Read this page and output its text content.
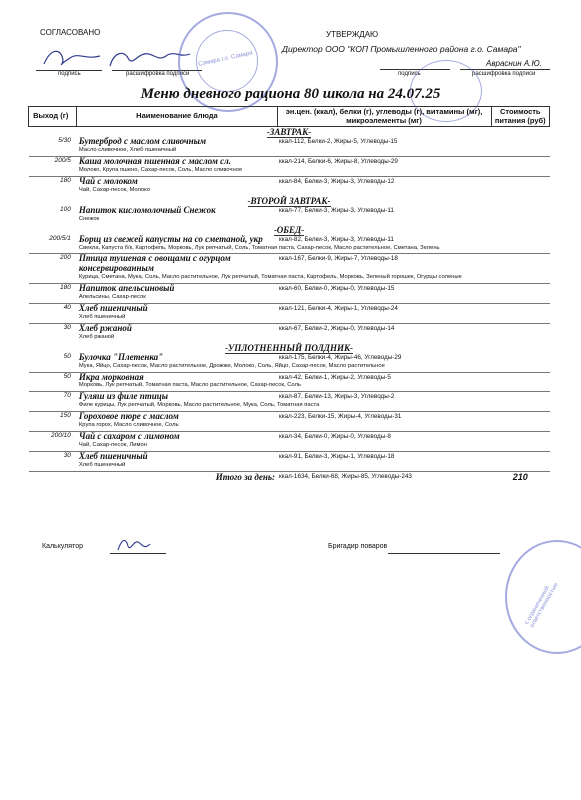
СОГЛАСОВАНО
подпись	расшифровка подписи
УТВЕРЖДАЮ
Директор ООО "КОП Промышленного района г.о. Самара"
Авраснин А.Ю.
подпись	расшифровка подписи
Самара г.о. Самара
с ограниченной ответственностью
Меню дневного рациона 80 школа на 24.07.25
Выход (г)	Наименование блюда	эн.цен. (ккал), белки (г), углеводы (г), витамины (мг), микроэлементы (мг)	Стоимость питания (руб)
-ЗАВТРАК-			
5/30	Бутерброд с маслом сливочным	ккал-112, Белки-2, Жиры-5, Углеводы-15	
	Масло сливочное, Хлеб пшеничный		
200/5	Каша молочная пшенная с маслом сл.	ккал-214, Белки-6, Жиры-8, Углеводы-29	
	Молоко, Крупа пшено, Сахар-песок, Соль, Масло сливочное		
180	Чай с молоком	ккал-84, Белки-3, Жиры-3, Углеводы-12	
	Чай, Сахар-песок, Молоко		
-ВТОРОЙ ЗАВТРАК-			
100	Напиток кисломолочный Снежок	ккал-77, Белки-3, Жиры-3, Углеводы-11	
	Снежок		
-ОБЕД-			
200/5/1	Борщ из свежей капусты на со сметаной, укр	ккал-82, Белки-3, Жиры-3, Углеводы-11	
	Свекла, Капуста б/к, Картофель, Морковь, Лук репчатый, Соль, Томатная паста, Сахар-песок, Масло растительное, Сметана, Зелень		
200	Птица тушеная с овощами с огурцом консервированным	ккал-167, Белки-9, Жиры-7, Углеводы-18	
	Курица, Сметана, Мука, Соль, Масло растительное, Лук репчатый, Томатная паста, Картофель, Морковь, Зеленый горошек, Огурцы соленые		
180	Напиток апельсиновый	ккал-60, Белки-0, Жиры-0, Углеводы-15	
	Апельсины, Сахар-песок		
40	Хлеб пшеничный	ккал-121, Белки-4, Жиры-1, Углеводы-24	
	Хлеб пшеничный		
30	Хлеб ржаной	ккал-67, Белки-2, Жиры-0, Углеводы-14	
	Хлеб ржаной		
-УПЛОТНЕННЫЙ ПОЛДНИК-			
50	Булочка "Плетенка"	ккал-175, Белки-4, Жиры-46, Углеводы-29	
	Мука, Яйцо, Сахар-песок, Масло растительное, Дрожжи, Молоко, Соль, Яйцо, Сахар-песок, Масло растительное		
50	Икра морковная	ккал-42, Белки-1, Жиры-2, Углеводы-5	
	Морковь, Лук репчатый, Томатная паста, Масло растительное, Сахар-песок, Соль		
70	Гуляш из филе птицы	ккал-87, Белки-13, Жиры-3, Углеводы-2	
	Филе курицы, Лук репчатый, Морковь, Масло растительное, Мука, Соль, Томатная паста		
150	Гороховое пюре с маслом	ккал-223, Белки-15, Жиры-4, Углеводы-31	
	Крупа горох, Масло сливочное, Соль		
200/10	Чай с сахаром с лимоном	ккал-34, Белки-0, Жиры-0, Углеводы-8	
	Чай, Сахар-песок, Лимон		
30	Хлеб пшеничный	ккал-91, Белки-3, Жиры-1, Углеводы-18	
	Хлеб пшеничный		
Итого за день:		ккал-1634, Белки-68, Жиры-85, Углеводы-243	210
Калькулятор	Бригадир поваров
